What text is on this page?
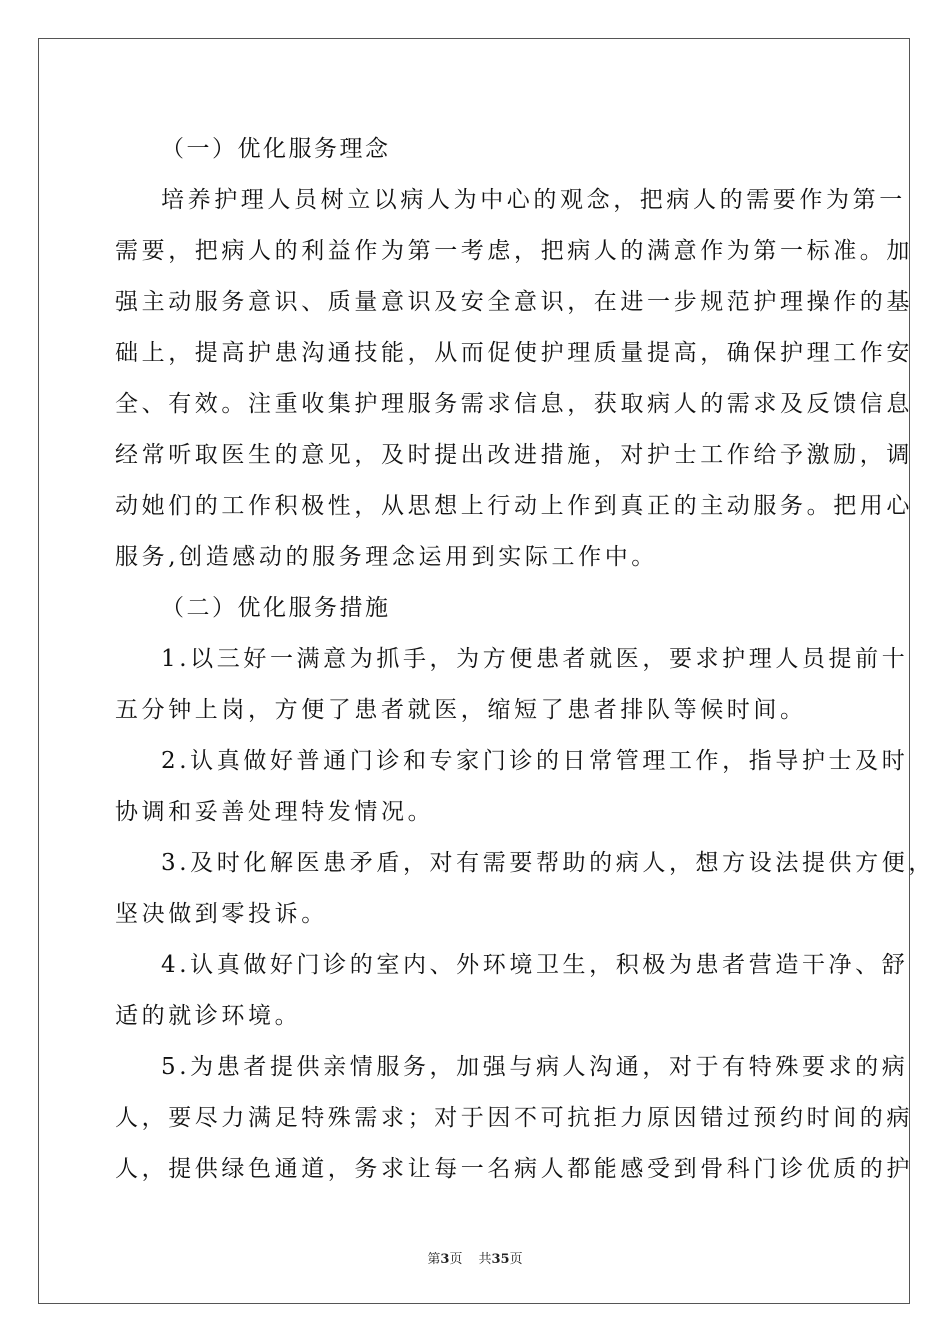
（一）优化服务理念
培养护理人员树立以病人为中心的观念，把病人的需要作为第一
需要，把病人的利益作为第一考虑，把病人的满意作为第一标准。加
强主动服务意识、质量意识及安全意识，在进一步规范护理操作的基
础上，提高护患沟通技能，从而促使护理质量提高，确保护理工作安
全、有效。注重收集护理服务需求信息，获取病人的需求及反馈信息
经常听取医生的意见，及时提出改进措施，对护士工作给予激励，调
动她们的工作积极性，从思想上行动上作到真正的主动服务。把用心
服务,创造感动的服务理念运用到实际工作中。
（二）优化服务措施
1.以三好一满意为抓手，为方便患者就医，要求护理人员提前十
五分钟上岗，方便了患者就医，缩短了患者排队等候时间。
2.认真做好普通门诊和专家门诊的日常管理工作，指导护士及时
协调和妥善处理特发情况。
3.及时化解医患矛盾，对有需要帮助的病人，想方设法提供方便，
坚决做到零投诉。
4.认真做好门诊的室内、外环境卫生，积极为患者营造干净、舒
适的就诊环境。
5.为患者提供亲情服务，加强与病人沟通，对于有特殊要求的病
人，要尽力满足特殊需求；对于因不可抗拒力原因错过预约时间的病
人，提供绿色通道，务求让每一名病人都能感受到骨科门诊优质的护
第3页 共35页
